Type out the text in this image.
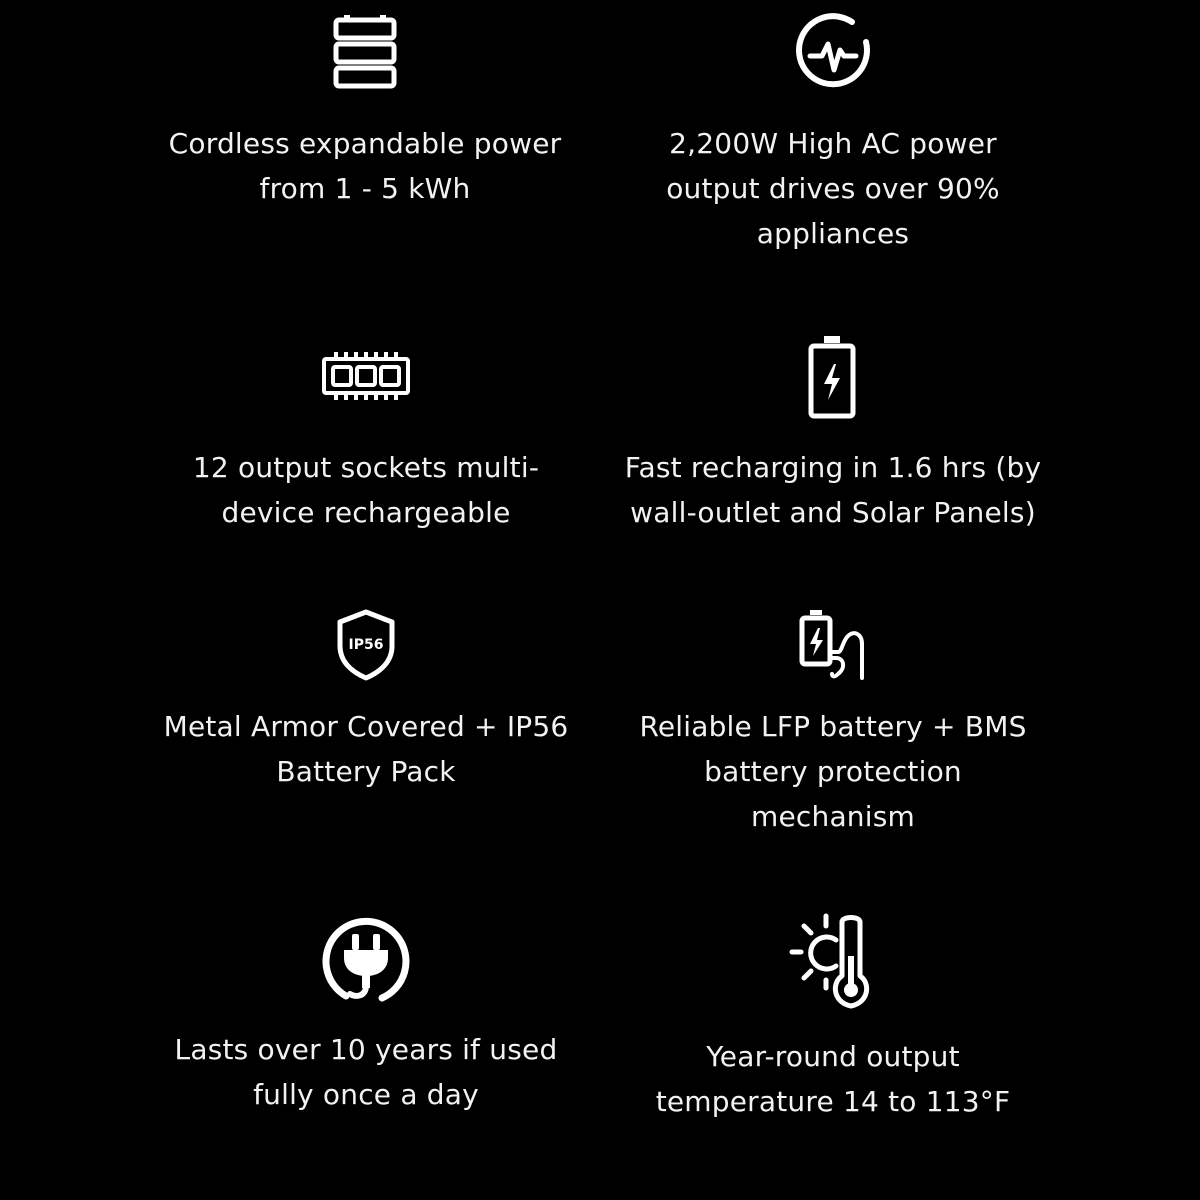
Cordless expandable power
from 1 - 5 kWh
2,200W High AC power
output drives over 90%
appliances
12 output sockets multi-
device rechargeable
Fast recharging in 1.6 hrs (by
wall-outlet and Solar Panels)
IP56
Metal Armor Covered + IP56
Battery Pack
Reliable LFP battery + BMS
battery protection
mechanism
Lasts over 10 years if used
fully once a day
Year-round output
temperature 14 to 113°F
